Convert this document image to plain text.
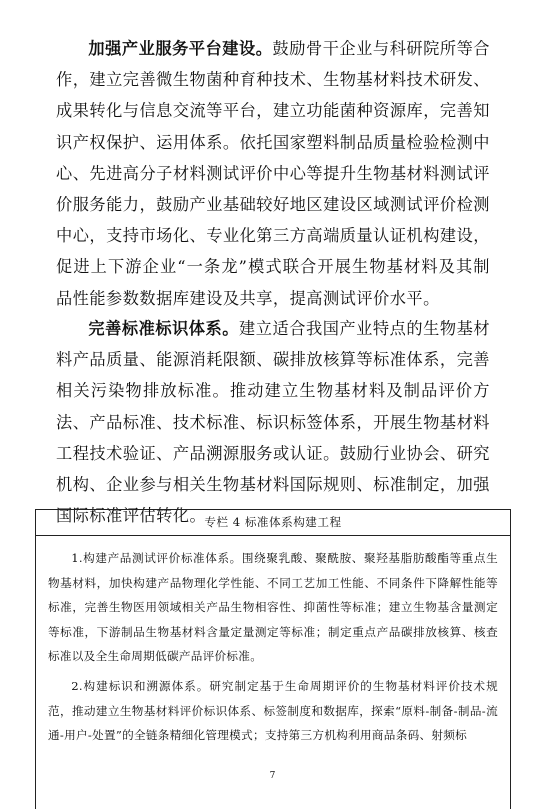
加强产业服务平台建设。鼓励骨干企业与科研院所等合作，建立完善微生物菌种育种技术、生物基材料技术研发、成果转化与信息交流等平台，建立功能菌种资源库，完善知识产权保护、运用体系。依托国家塑料制品质量检验检测中心、先进高分子材料测试评价中心等提升生物基材料测试评价服务能力，鼓励产业基础较好地区建设区域测试评价检测中心，支持市场化、专业化第三方高端质量认证机构建设，促进上下游企业“一条龙”模式联合开展生物基材料及其制品性能参数数据库建设及共享，提高测试评价水平。

完善标准标识体系。建立适合我国产业特点的生物基材料产品质量、能源消耗限额、碳排放核算等标准体系，完善相关污染物排放标准。推动建立生物基材料及制品评价方法、产品标准、技术标准、标识标签体系，开展生物基材料工程技术验证、产品溯源服务或认证。鼓励行业协会、研究机构、企业参与相关生物基材料国际规则、标准制定，加强国际标准评估转化。

专栏 4 标准体系构建工程

1.构建产品测试评价标准体系。围绕聚乳酸、聚酰胺、聚羟基脂肪酸酯等重点生物基材料，加快构建产品物理化学性能、不同工艺加工性能、不同条件下降解性能等标准，完善生物医用领域相关产品生物相容性、抑菌性等标准；建立生物基含量测定等标准，下游制品生物基材料含量定量测定等标准；制定重点产品碳排放核算、核查标准以及全生命周期低碳产品评价标准。

2.构建标识和溯源体系。研究制定基于生命周期评价的生物基材料评价技术规范，推动建立生物基材料评价标识体系、标签制度和数据库，探索“原料-制备-制品-流通-用户-处置”的全链条精细化管理模式；支持第三方机构利用商品条码、射频标

7
